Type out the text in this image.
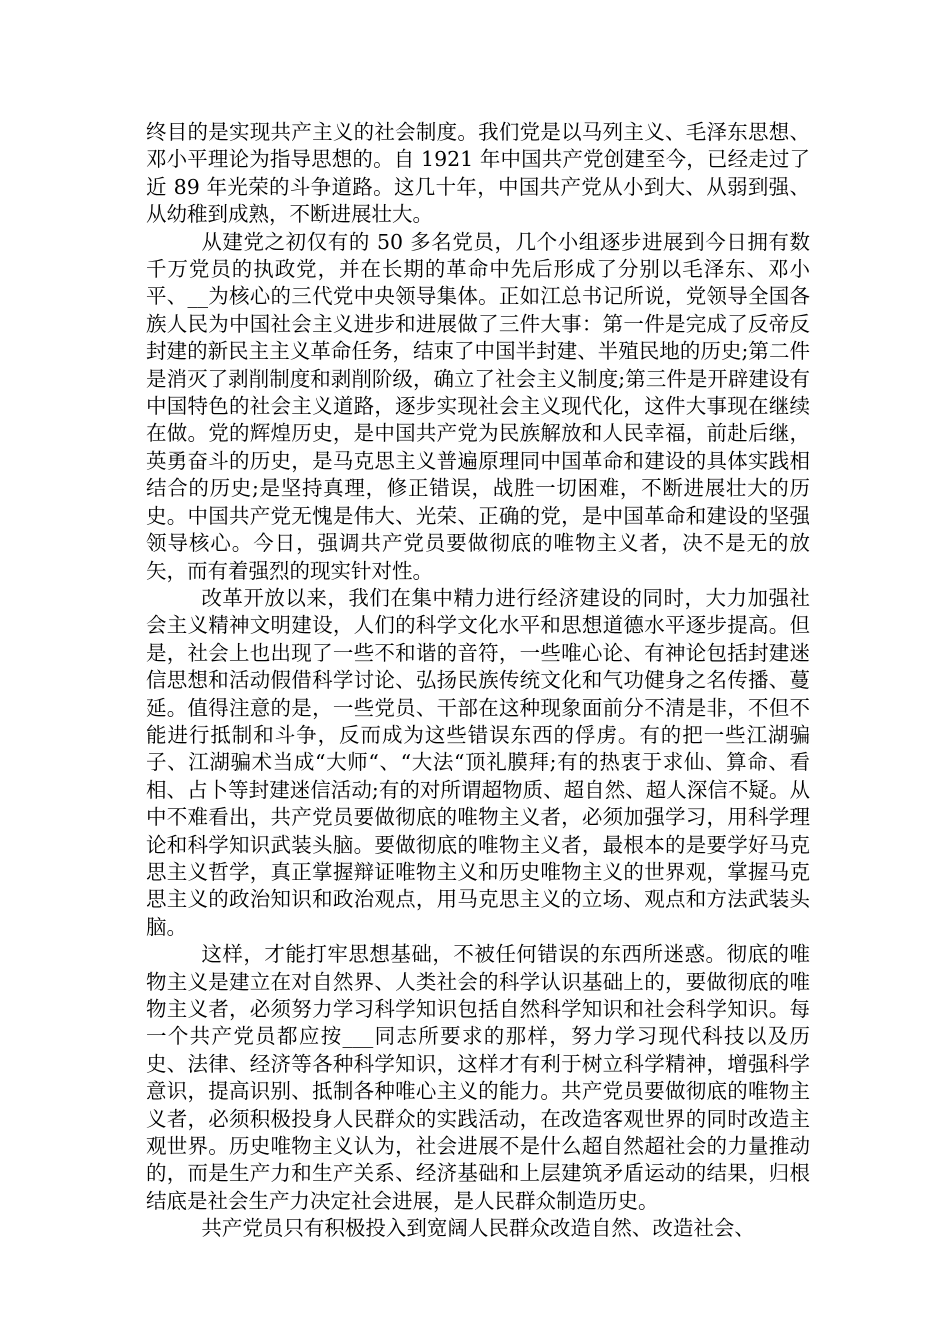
终目的是实现共产主义的社会制度。我们党是以马列主义、毛泽东思想、邓小平理论为指导思想的。自 1921 年中国共产党创建至今，已经走过了近 89 年光荣的斗争道路。这几十年，中国共产党从小到大、从弱到强、从幼稚到成熟，不断进展壮大。

从建党之初仅有的 50 多名党员，几个小组逐步进展到今日拥有数千万党员的执政党，并在长期的革命中先后形成了分别以毛泽东、邓小平、__为核心的三代党中央领导集体。正如江总书记所说，党领导全国各族人民为中国社会主义进步和进展做了三件大事：第一件是完成了反帝反封建的新民主主义革命任务，结束了中国半封建、半殖民地的历史;第二件是消灭了剥削制度和剥削阶级，确立了社会主义制度;第三件是开辟建设有中国特色的社会主义道路，逐步实现社会主义现代化，这件大事现在继续在做。党的辉煌历史，是中国共产党为民族解放和人民幸福，前赴后继，英勇奋斗的历史，是马克思主义普遍原理同中国革命和建设的具体实践相结合的历史;是坚持真理，修正错误，战胜一切困难，不断进展壮大的历史。中国共产党无愧是伟大、光荣、正确的党，是中国革命和建设的坚强领导核心。今日，强调共产党员要做彻底的唯物主义者，决不是无的放矢，而有着强烈的现实针对性。

改革开放以来，我们在集中精力进行经济建设的同时，大力加强社会主义精神文明建设，人们的科学文化水平和思想道德水平逐步提高。但是，社会上也出现了一些不和谐的音符，一些唯心论、有神论包括封建迷信思想和活动假借科学讨论、弘扬民族传统文化和气功健身之名传播、蔓延。值得注意的是，一些党员、干部在这种现象面前分不清是非，不但不能进行抵制和斗争，反而成为这些错误东西的俘虏。有的把一些江湖骗子、江湖骗术当成“大师“、“大法“顶礼膜拜;有的热衷于求仙、算命、看相、占卜等封建迷信活动;有的对所谓超物质、超自然、超人深信不疑。从中不难看出，共产党员要做彻底的唯物主义者，必须加强学习，用科学理论和科学知识武装头脑。要做彻底的唯物主义者，最根本的是要学好马克思主义哲学，真正掌握辩证唯物主义和历史唯物主义的世界观，掌握马克思主义的政治知识和政治观点，用马克思主义的立场、观点和方法武装头脑。

这样，才能打牢思想基础，不被任何错误的东西所迷惑。彻底的唯物主义是建立在对自然界、人类社会的科学认识基础上的，要做彻底的唯物主义者，必须努力学习科学知识包括自然科学知识和社会科学知识。每一个共产党员都应按___同志所要求的那样，努力学习现代科技以及历史、法律、经济等各种科学知识，这样才有利于树立科学精神，增强科学意识，提高识别、抵制各种唯心主义的能力。共产党员要做彻底的唯物主义者，必须积极投身人民群众的实践活动，在改造客观世界的同时改造主观世界。历史唯物主义认为，社会进展不是什么超自然超社会的力量推动的，而是生产力和生产关系、经济基础和上层建筑矛盾运动的结果，归根结底是社会生产力决定社会进展，是人民群众制造历史。

共产党员只有积极投入到宽阔人民群众改造自然、改造社会、
